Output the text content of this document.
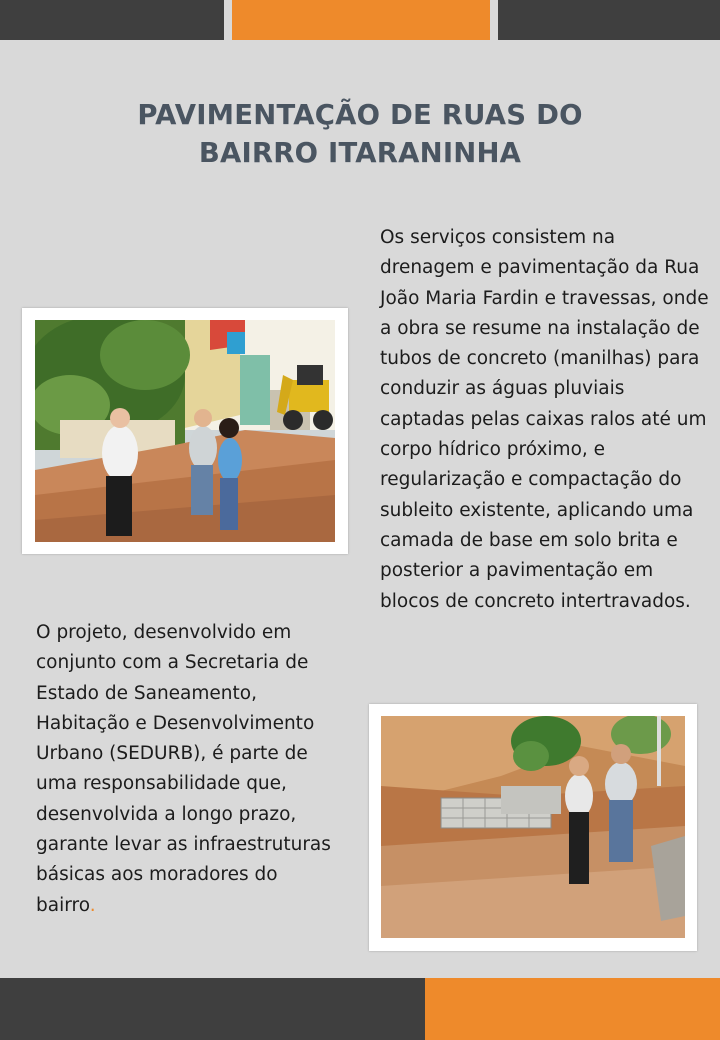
PAVIMENTAÇÃO DE RUAS DO
BAIRRO ITARANINHA

Os serviços consistem na drenagem e pavimentação da Rua João Maria Fardin e travessas, onde a obra se resume na instalação de tubos de concreto (manilhas) para conduzir as águas pluviais captadas pelas caixas ralos até um corpo hídrico próximo, e regularização e compactação do subleito existente, aplicando uma camada de base em solo brita e posterior a pavimentação em blocos de concreto intertravados.

O projeto, desenvolvido em conjunto com a Secretaria de Estado de Saneamento, Habitação e Desenvolvimento Urbano (SEDURB), é parte de uma responsabilidade que, desenvolvida a longo prazo, garante levar as infraestruturas básicas aos moradores do bairro.
